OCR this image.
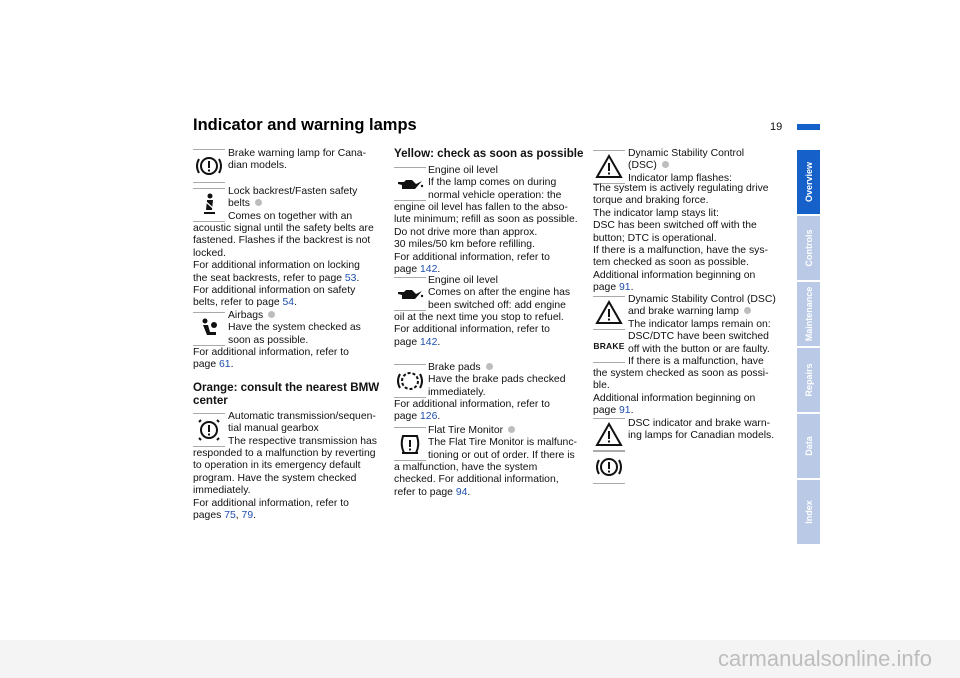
Indicator and warning lamps	19
Overview
Controls
Maintenance
Repairs
Data
Index
Brake warning lamp for Cana-
dian models.
Lock backrest/Fasten safety
belts
Comes on together with an
acoustic signal until the safety belts are
fastened. Flashes if the backrest is not
locked.
For additional information on locking
the seat backrests, refer to page 53.
For additional information on safety
belts, refer to page 54.
Airbags
Have the system checked as
soon as possible.
For additional information, refer to
page 61.
Orange: consult the nearest BMW
center
Automatic transmission/sequen-
tial manual gearbox
The respective transmission has
responded to a malfunction by reverting
to operation in its emergency default
program. Have the system checked
immediately.
For additional information, refer to
pages 75, 79.
Yellow: check as soon as possible
Engine oil level
If the lamp comes on during
normal vehicle operation: the
engine oil level has fallen to the abso-
lute minimum; refill as soon as possible.
Do not drive more than approx.
30 miles/50 km before refilling.
For additional information, refer to
page 142.
Engine oil level
Comes on after the engine has
been switched off: add engine
oil at the next time you stop to refuel.
For additional information, refer to
page 142.
Brake pads
Have the brake pads checked
immediately.
For additional information, refer to
page 126.
Flat Tire Monitor
The Flat Tire Monitor is malfunc-
tioning or out of order. If there is
a malfunction, have the system
checked. For additional information,
refer to page 94.
Dynamic Stability Control
(DSC)
Indicator lamp flashes:
The system is actively regulating drive
torque and braking force.
The indicator lamp stays lit:
DSC has been switched off with the
button; DTC is operational.
If there is a malfunction, have the sys-
tem checked as soon as possible.
Additional information beginning on
page 91.
BRAKE
Dynamic Stability Control (DSC)
and brake warning lamp
The indicator lamps remain on:
DSC/DTC have been switched
off with the button or are faulty.
If there is a malfunction, have
the system checked as soon as possi-
ble.
Additional information beginning on
page 91.
DSC indicator and brake warn-
ing lamps for Canadian models.
carmanualsonline.info
